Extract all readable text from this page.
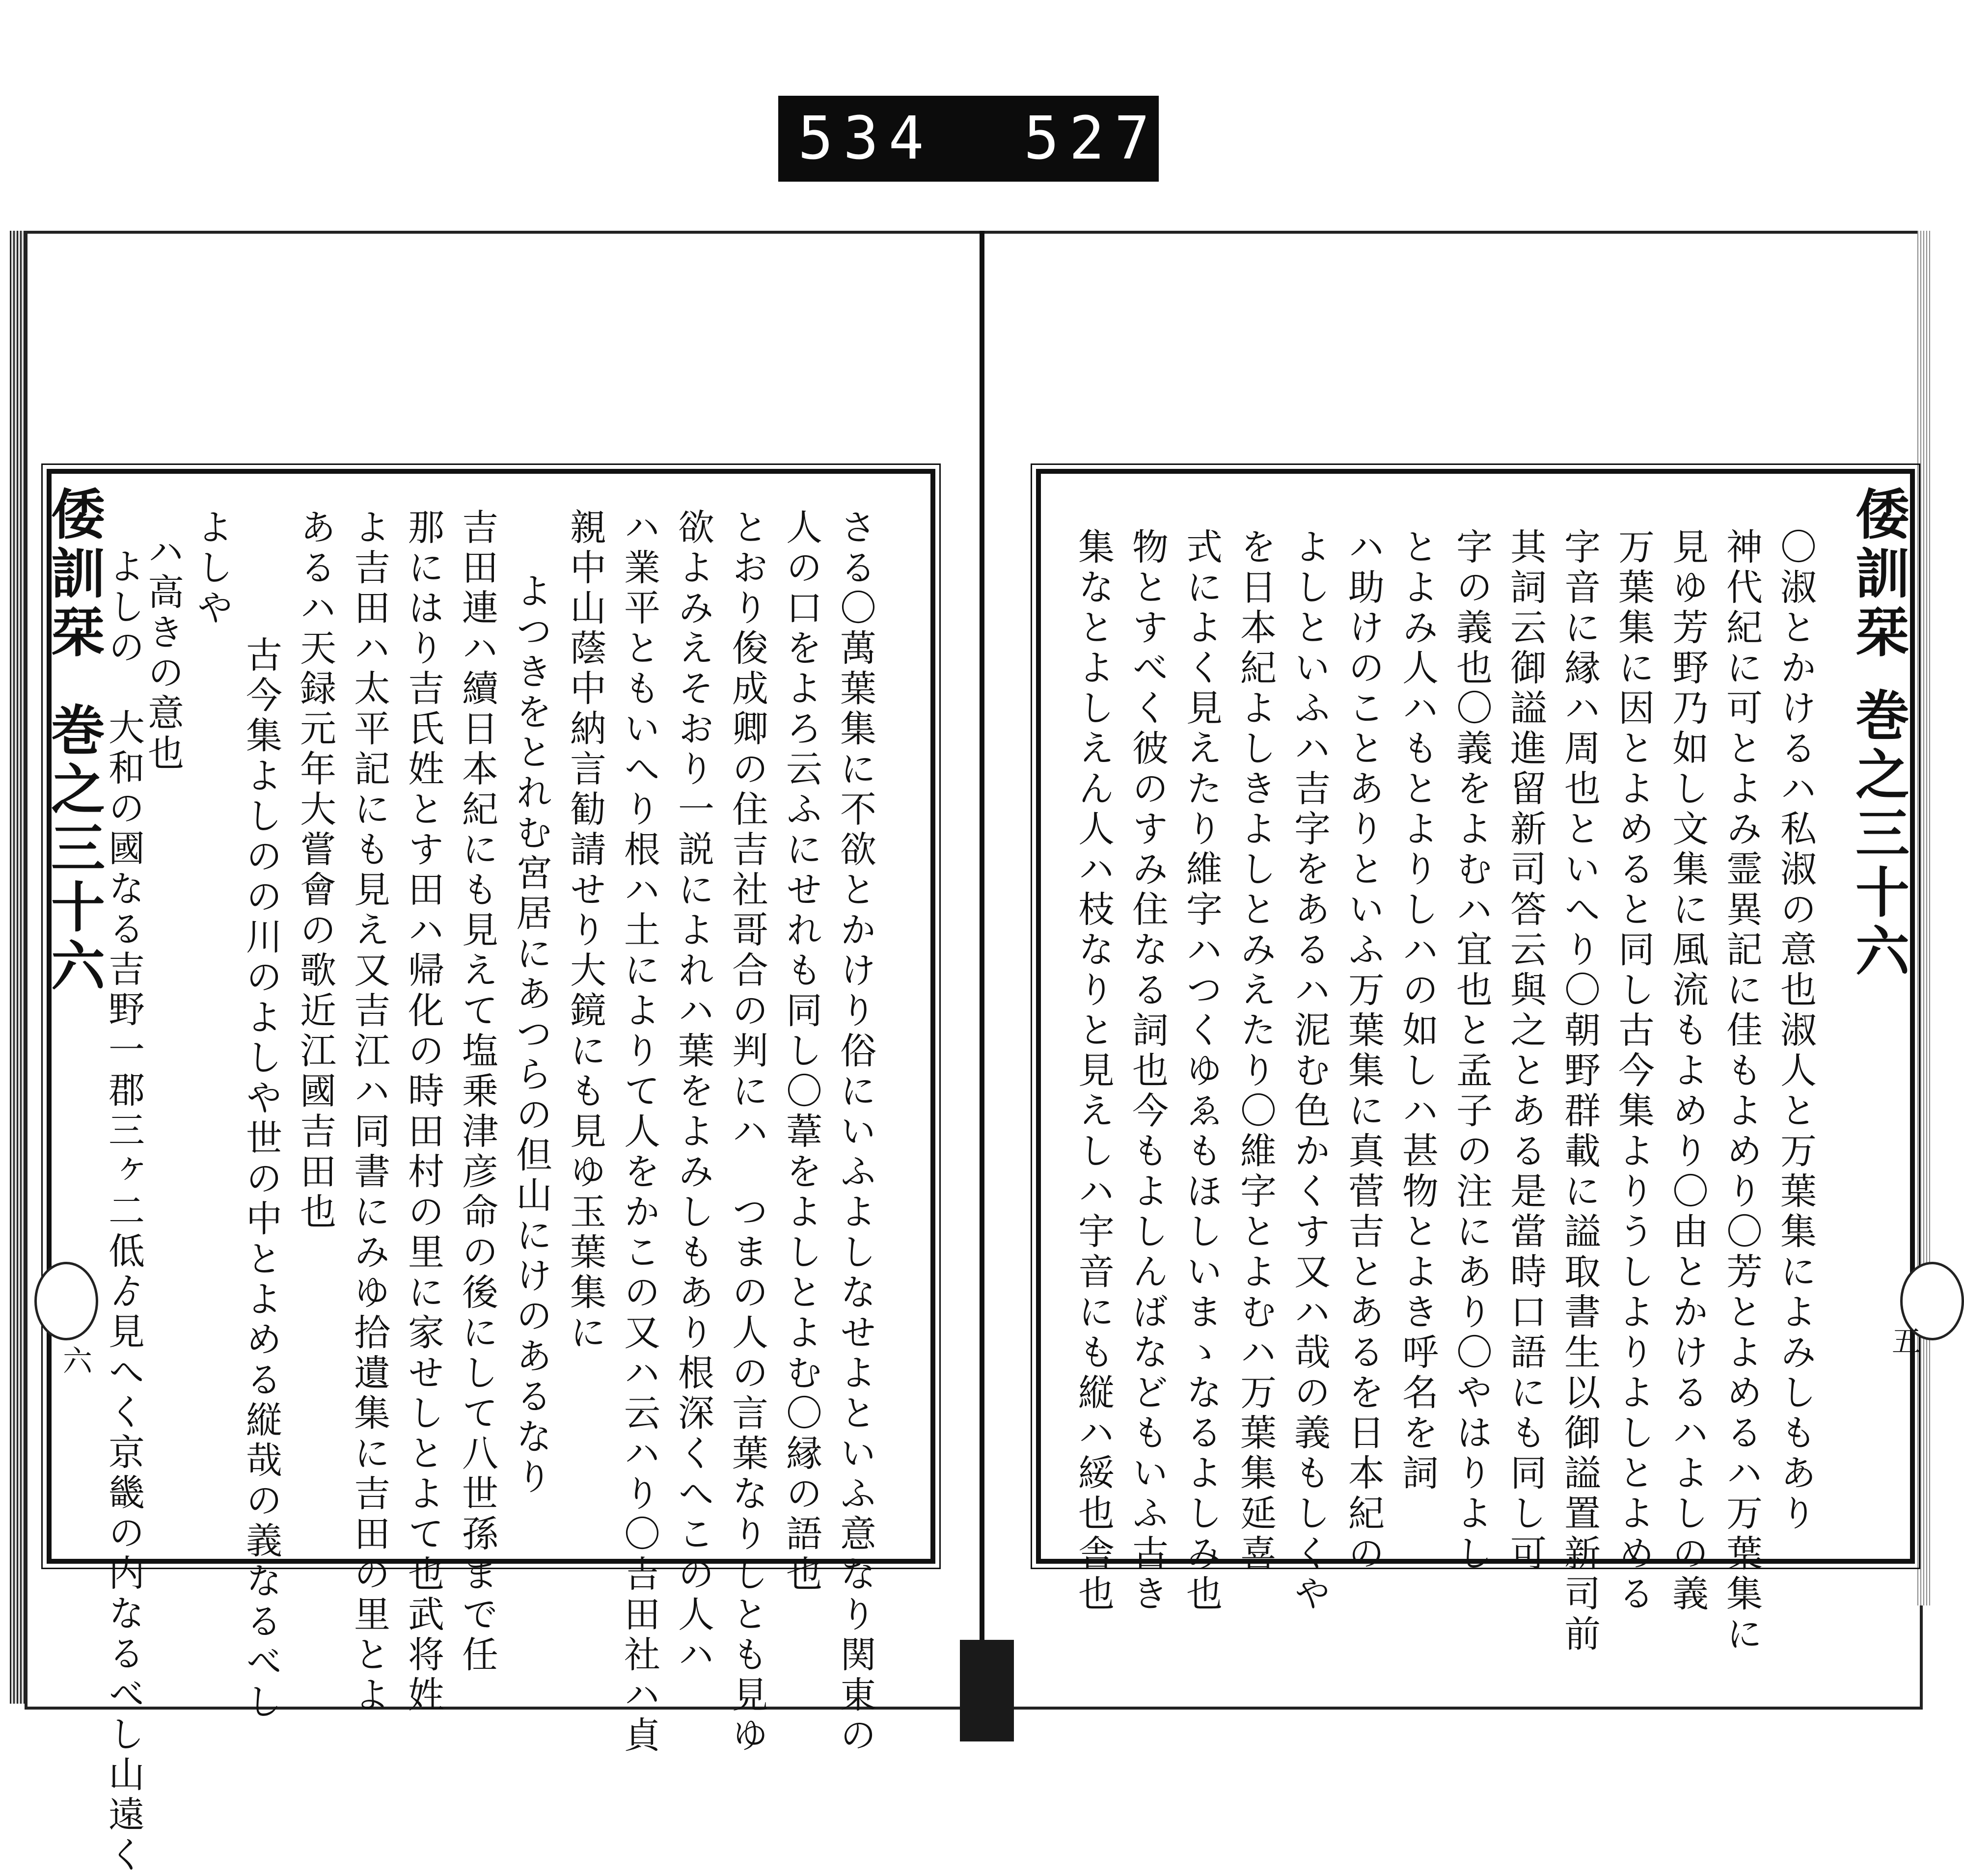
534 527.
さる〇萬葉集に不欲とかけり俗にいふよしなせよといふ意なり関東の
人の口をよろ云ふにせれも同し〇葦をよしとよむ〇縁の語也
とおり俊成卿の住吉社哥合の判にハ　つまの人の言葉なりしとも見ゆ
欲よみえそおり一説によれハ葉をよみしもあり根深くへこの人ハ
ハ業平ともいへり根ハ土によりて人をかこの又ハ云ハり〇吉田社ハ貞
親中山蔭中納言勧請せり大鏡にも見ゆ玉葉集に
よつきをとれむ宮居にあつらの但山にけのあるなり
吉田連ハ續日本紀にも見えて塩乗津彦命の後にして八世孫まで任
那にはり吉氏姓とす田ハ帰化の時田村の里に家せしとよて也武将姓
よ吉田ハ太平記にも見え又吉江ハ同書にみゆ拾遺集に吉田の里とよ
あるハ天録元年大嘗會の歌近江國吉田也
古今集よしのの川のよしや世の中とよめる縦哉の義なるべし
よしや
ハ高きの意也
よしの　大和の國なる吉野一郡三ヶ二低ゟ見へく京畿の内なるべし山遠く
倭訓栞
巻之三十六
六	〇淑とかけるハ私淑の意也淑人と万葉集によみしもあり
神代紀に可とよみ霊異記に佳もよめり〇芳とよめるハ万葉集に
見ゆ芳野乃如し文集に風流もよめり〇由とかけるハよしの義
万葉集に因とよめると同し古今集よりうしよりよしとよめる
字音に縁ハ周也といへり〇朝野群載に謚取書生以御謚置新司前
其詞云御謚進留新司答云與之とある是當時口語にも同し可
字の義也〇義をよむハ宜也と孟子の注にあり〇やはりよし
とよみ人ハもとよりしハの如しハ甚物とよき呼名を詞
ハ助けのことありといふ万葉集に真菅吉とあるを日本紀の
よしといふハ吉字をあるハ泥む色かくす又ハ哉の義もしくや
を日本紀よしきよしとみえたり〇維字とよむハ万葉集延喜
式によく見えたり維字ハつくゆゑもほしいまゝなるよしみ也
物とすべく彼のすみ住なる詞也今もよしんばなどもいふ古き
集なとよしえん人ハ枝なりと見えしハ宇音にも縦ハ綏也舎也	倭訓栞
巻之三十六
五
